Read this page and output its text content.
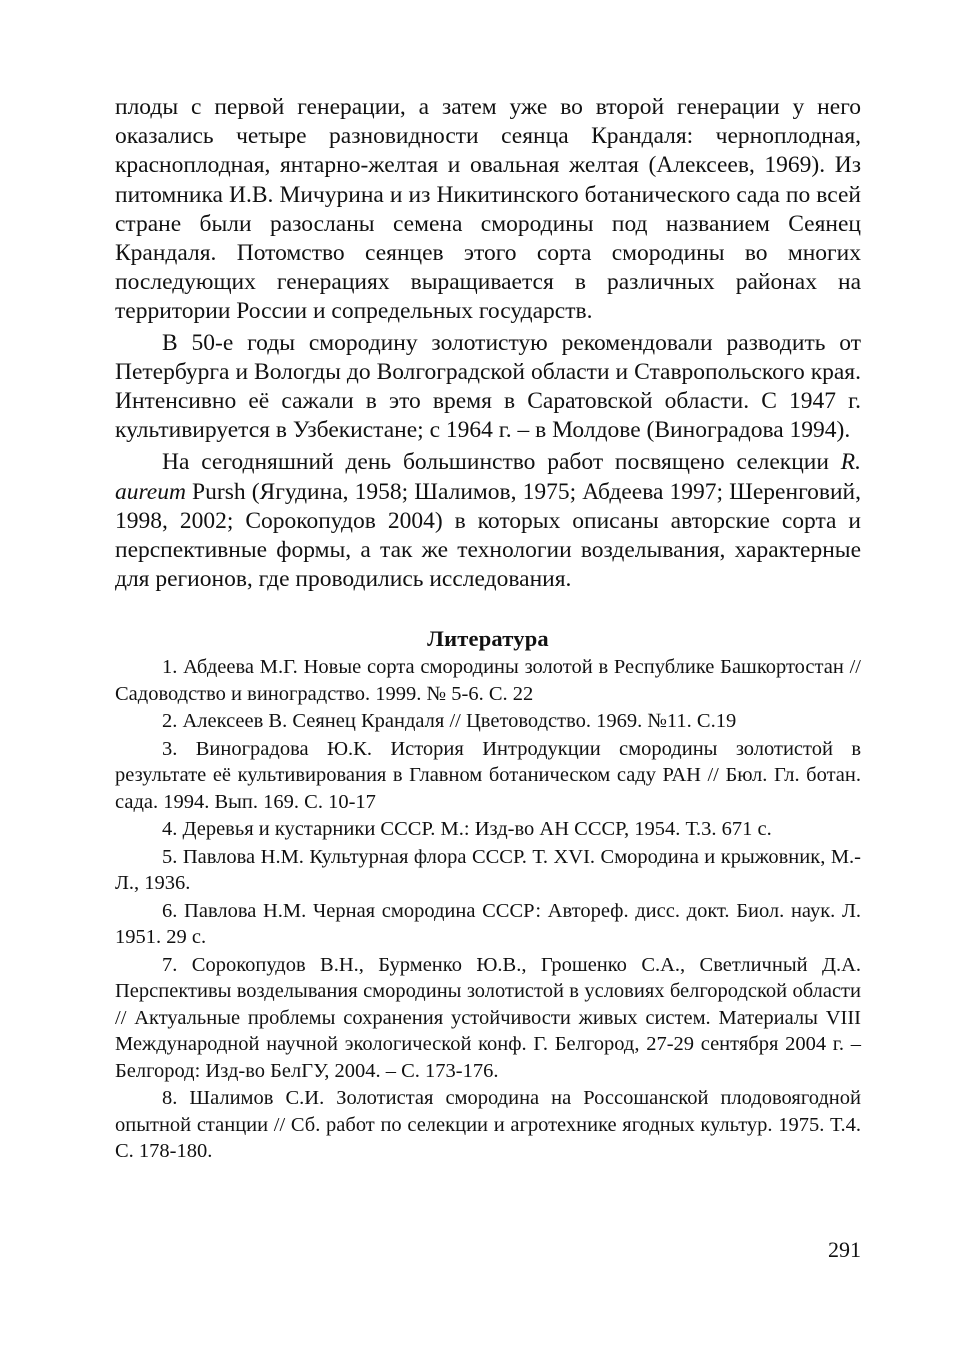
плоды с первой генерации, а затем уже во второй генерации у него оказались четыре разновидности сеянца Крандаля: черноплодная, красноплодная, янтарно-желтая и овальная желтая (Алексеев, 1969). Из питомника И.В. Мичурина и из Никитинского ботанического сада по всей стране были разосланы семена смородины под названием Сеянец Крандаля. Потомство сеянцев этого сорта смородины во многих последующих генерациях выращивается в различных районах на территории России и сопредельных государств.

В 50-е годы смородину золотистую рекомендовали разводить от Петербурга и Вологды до Волгоградской области и Ставропольского края. Интенсивно её сажали в это время в Саратовской области. С 1947 г. культивируется в Узбекистане; с 1964 г. – в Молдове (Виноградова 1994).

На сегодняшний день большинство работ посвящено селекции R. aureum Pursh (Ягудина, 1958; Шалимов, 1975; Абдеева 1997; Шеренговий, 1998, 2002; Сорокопудов 2004) в которых описаны авторские сорта и перспективные формы, а так же технологии возделывания, характерные для регионов, где проводились исследования.

Литература

1. Абдеева М.Г. Новые сорта смородины золотой в Республике Башкортостан // Садоводство и виноградство. 1999. № 5-6. С. 22

2. Алексеев В. Сеянец Крандаля // Цветоводство. 1969. №11. С.19

3. Виноградова Ю.К. История Интродукции смородины золотистой в результате её культивирования в Главном ботаническом саду РАН // Бюл. Гл. ботан. сада. 1994. Вып. 169. С. 10-17

4. Деревья и кустарники СССР. М.: Изд-во АН СССР, 1954. Т.3. 671 с.

5. Павлова Н.М. Культурная флора СССР. Т. XVI. Смородина и крыжовник, М.-Л., 1936.

6. Павлова Н.М. Черная смородина СССР: Автореф. дисс. докт. Биол. наук. Л. 1951. 29 с.

7. Сорокопудов В.Н., Бурменко Ю.В., Грошенко С.А., Светличный Д.А. Перспективы возделывания смородины золотистой в условиях белгородской области // Актуальные проблемы сохранения устойчивости живых систем. Материалы VIII Международной научной экологической конф. Г. Белгород, 27-29 сентября 2004 г. – Белгород: Изд-во БелГУ, 2004. – С. 173-176.

8. Шалимов С.И. Золотистая смородина на Россошанской плодовоягодной опытной станции // Сб. работ по селекции и агротехнике ягодных культур. 1975. Т.4. С. 178-180.

291
